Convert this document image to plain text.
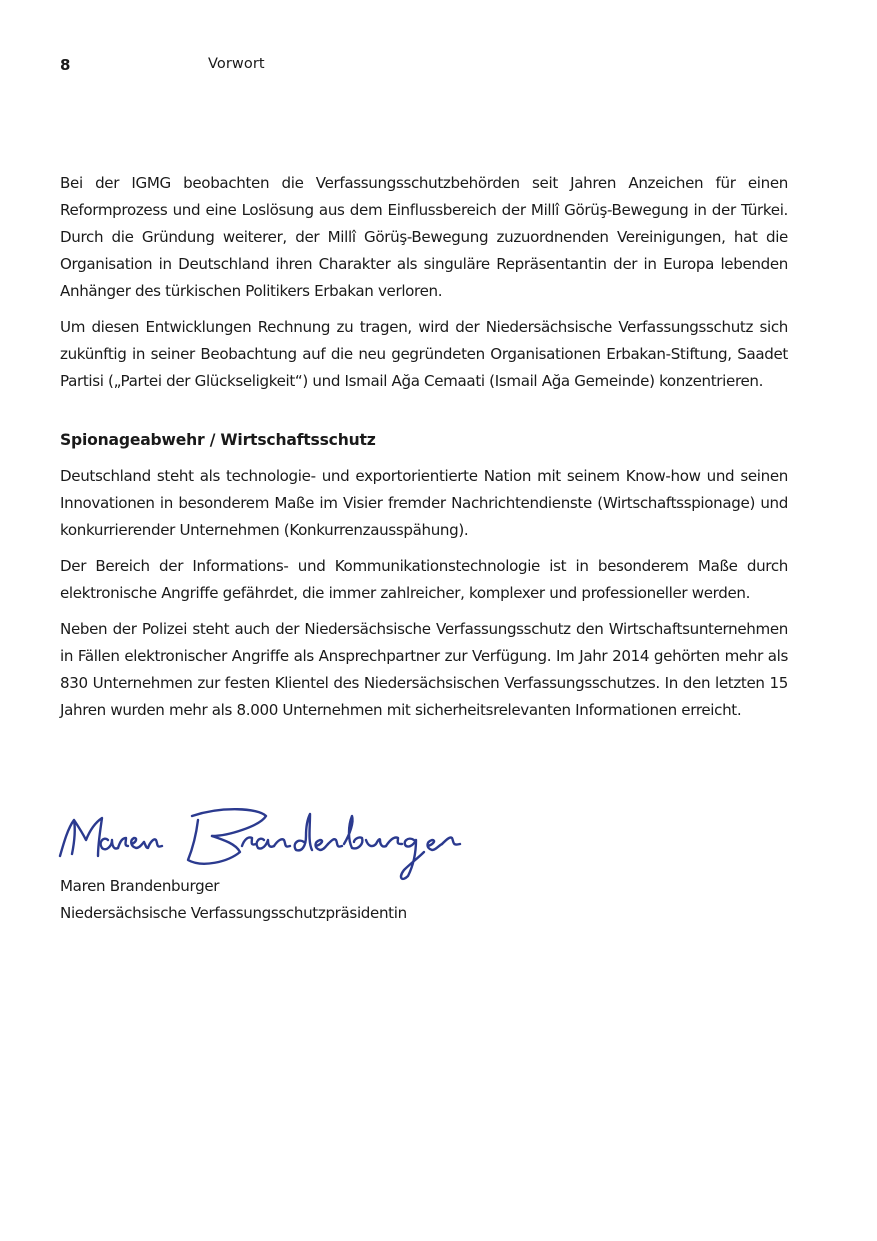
8	Vorwort

Bei der IGMG beobachten die Verfassungsschutzbehörden seit Jahren Anzeichen für einen Reformprozess und eine Loslösung aus dem Einflussbereich der Millî Görüş-Bewegung in der Türkei. Durch die Gründung weiterer, der Millî Görüş-Bewegung zuzuordnenden Vereinigungen, hat die Organisation in Deutschland ihren Charakter als singuläre Repräsentantin der in Europa lebenden Anhänger des türkischen Politikers Erbakan verloren.

Um diesen Entwicklungen Rechnung zu tragen, wird der Niedersächsische Verfassungsschutz sich zukünftig in seiner Beobachtung auf die neu gegründeten Organisationen Erbakan-Stiftung, Saadet Partisi („Partei der Glückseligkeit“) und Ismail Ağa Cemaati (Ismail Ağa Gemeinde) konzentrieren.

Spionageabwehr / Wirtschaftsschutz

Deutschland steht als technologie- und exportorientierte Nation mit seinem Know-how und seinen Innovationen in besonderem Maße im Visier fremder Nachrichtendienste (Wirtschaftsspionage) und konkurrierender Unternehmen (Konkurrenzausspähung).

Der Bereich der Informations- und Kommunikationstechnologie ist in besonderem Maße durch elektronische Angriffe gefährdet, die immer zahlreicher, komplexer und professioneller werden.

Neben der Polizei steht auch der Niedersächsische Verfassungsschutz den Wirtschaftsunternehmen in Fällen elektronischer Angriffe als Ansprechpartner zur Verfügung. Im Jahr 2014 gehörten mehr als 830 Unternehmen zur festen Klientel des Niedersächsischen Verfassungsschutzes. In den letzten 15 Jahren wurden mehr als 8.000 Unternehmen mit sicherheitsrelevanten Informationen erreicht.

Maren Brandenburger
Niedersächsische Verfassungsschutzpräsidentin
